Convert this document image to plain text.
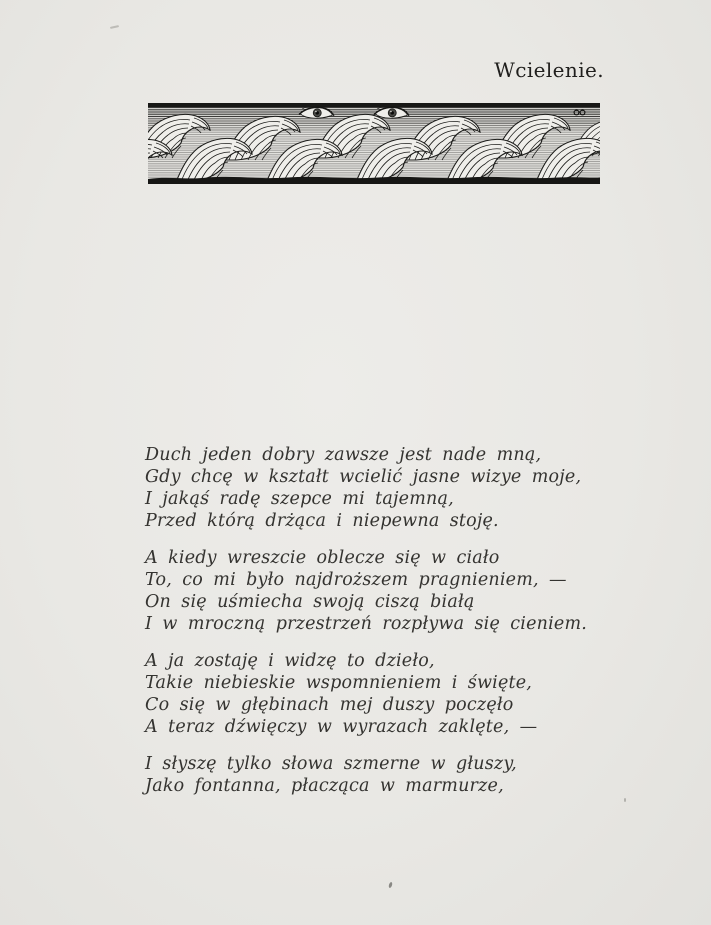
Wcielenie.
Duch jeden dobry zawsze jest nade mną,
Gdy chcę w kształt wcielić jasne wizye moje,
I jakąś radę szepce mi tajemną,
Przed którą drżąca i niepewna stoję.
A kiedy wreszcie oblecze się w ciało
To, co mi było najdroższem pragnieniem, —
On się uśmiecha swoją ciszą białą
I w mroczną przestrzeń rozpływa się cieniem.
A ja zostaję i widzę to dzieło,
Takie niebieskie wspomnieniem i święte,
Co się w głębinach mej duszy poczęło
A teraz dźwięczy w wyrazach zaklęte, —
I słyszę tylko słowa szmerne w głuszy,
Jako fontanna, płacząca w marmurze,
